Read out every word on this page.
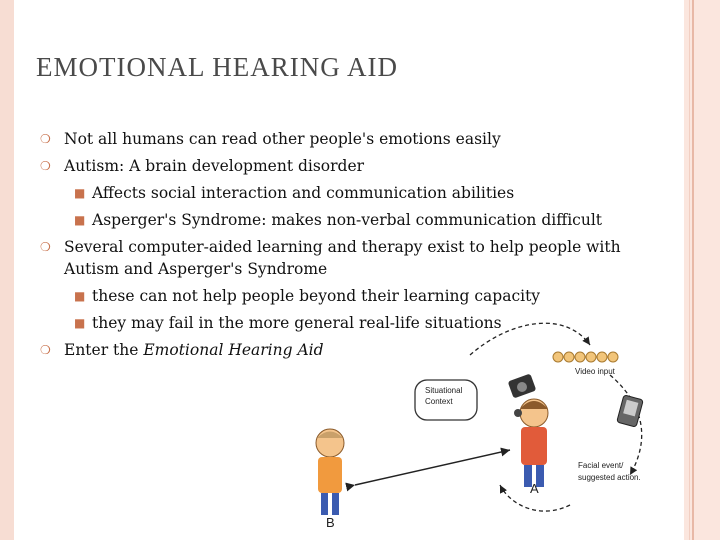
EMOTIONAL HEARING AID
❍ Not all humans can read other people's emotions easily
❍ Autism: A brain development disorder
■ Affects social interaction and communication abilities
■ Asperger's Syndrome: makes non-verbal communication difficult
❍ Several computer-aided learning and therapy exist to help people with Autism and Asperger's Syndrome
■ these can not help people beyond their learning capacity
■ they may fail in the more general real-life situations
❍ Enter the Emotional Hearing Aid
Situational
Context
Video input
Facial event/
suggested action.
A
B
